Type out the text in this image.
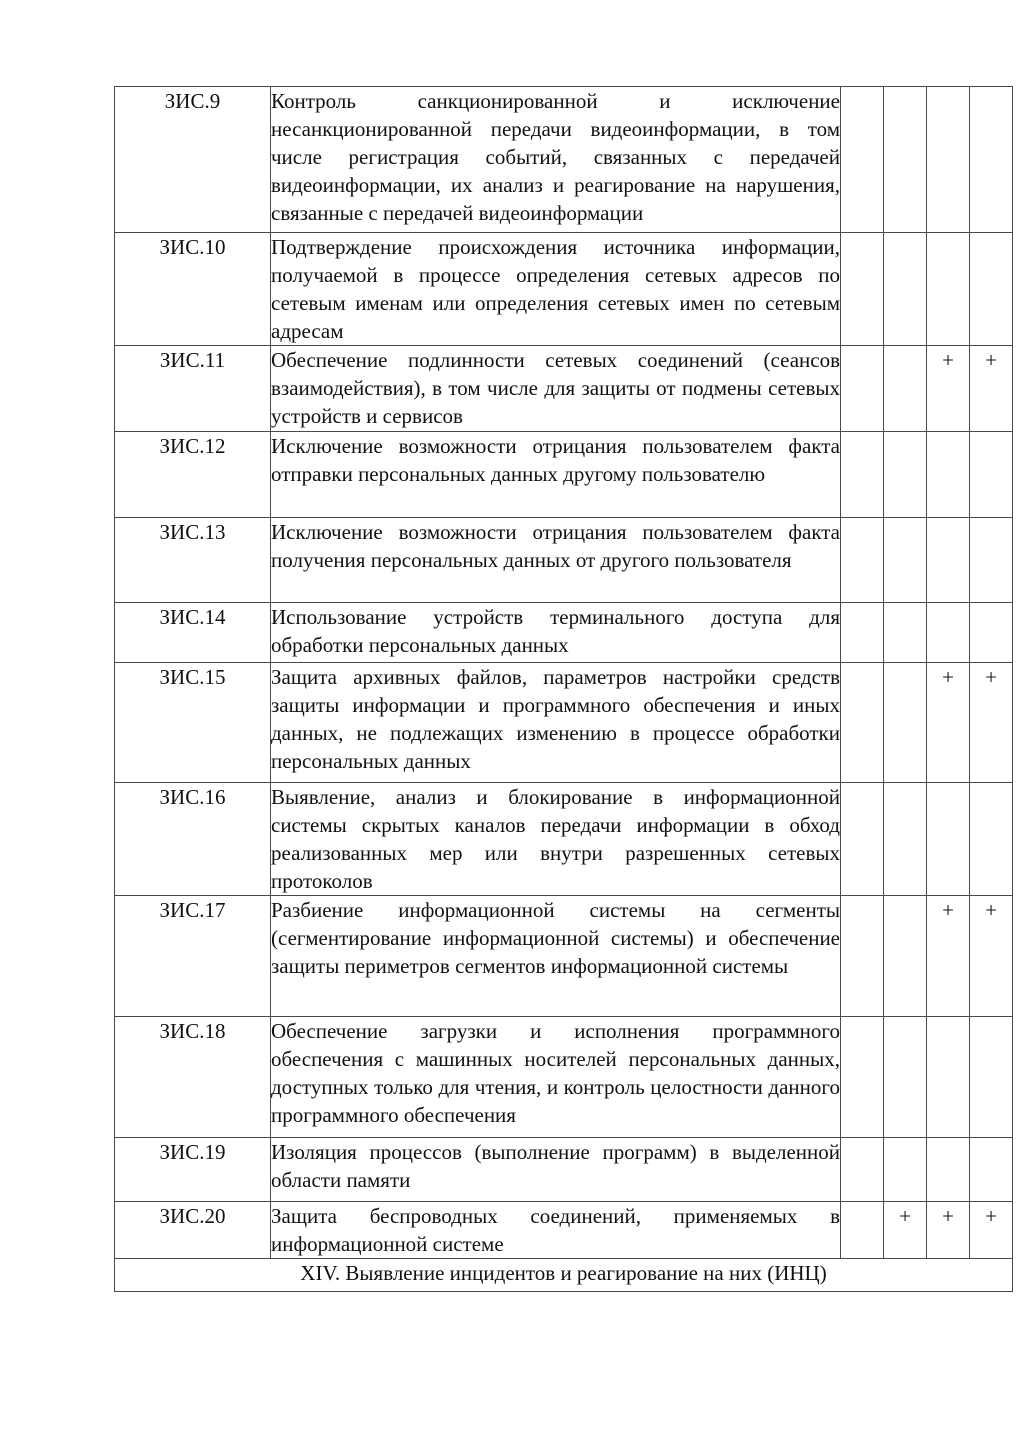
ЗИС.9	Контроль санкционированной и исключение несанкционированной передачи видеоинформации, в том числе регистрация событий, связанных с передачей видеоинформации, их анализ и реагирование на нарушения, связанные с передачей видеоинформации				
ЗИС.10	Подтверждение происхождения источника информации, получаемой в процессе определения сетевых адресов по сетевым именам или определения сетевых имен по сетевым адресам				
ЗИС.11	Обеспечение подлинности сетевых соединений (сеансов взаимодействия), в том числе для защиты от подмены сетевых устройств и сервисов			+	+
ЗИС.12	Исключение возможности отрицания пользователем факта отправки персональных данных другому пользователю				
ЗИС.13	Исключение возможности отрицания пользователем факта получения персональных данных от другого пользователя				
ЗИС.14	Использование устройств терминального доступа для обработки персональных данных				
ЗИС.15	Защита архивных файлов, параметров настройки средств защиты информации и программного обеспечения и иных данных, не подлежащих изменению в процессе обработки персональных данных			+	+
ЗИС.16	Выявление, анализ и блокирование в информационной системы скрытых каналов передачи информации в обход реализованных мер или внутри разрешенных сетевых протоколов				
ЗИС.17	Разбиение информационной системы на сегменты (сегментирование информационной системы) и обеспечение защиты периметров сегментов информационной системы			+	+
ЗИС.18	Обеспечение загрузки и исполнения программного обеспечения с машинных носителей персональных данных, доступных только для чтения, и контроль целостности данного программного обеспечения				
ЗИС.19	Изоляция процессов (выполнение программ) в выделенной области памяти				
ЗИС.20	Защита беспроводных соединений, применяемых в информационной системе		+	+	+
XIV. Выявление инцидентов и реагирование на них (ИНЦ)					
